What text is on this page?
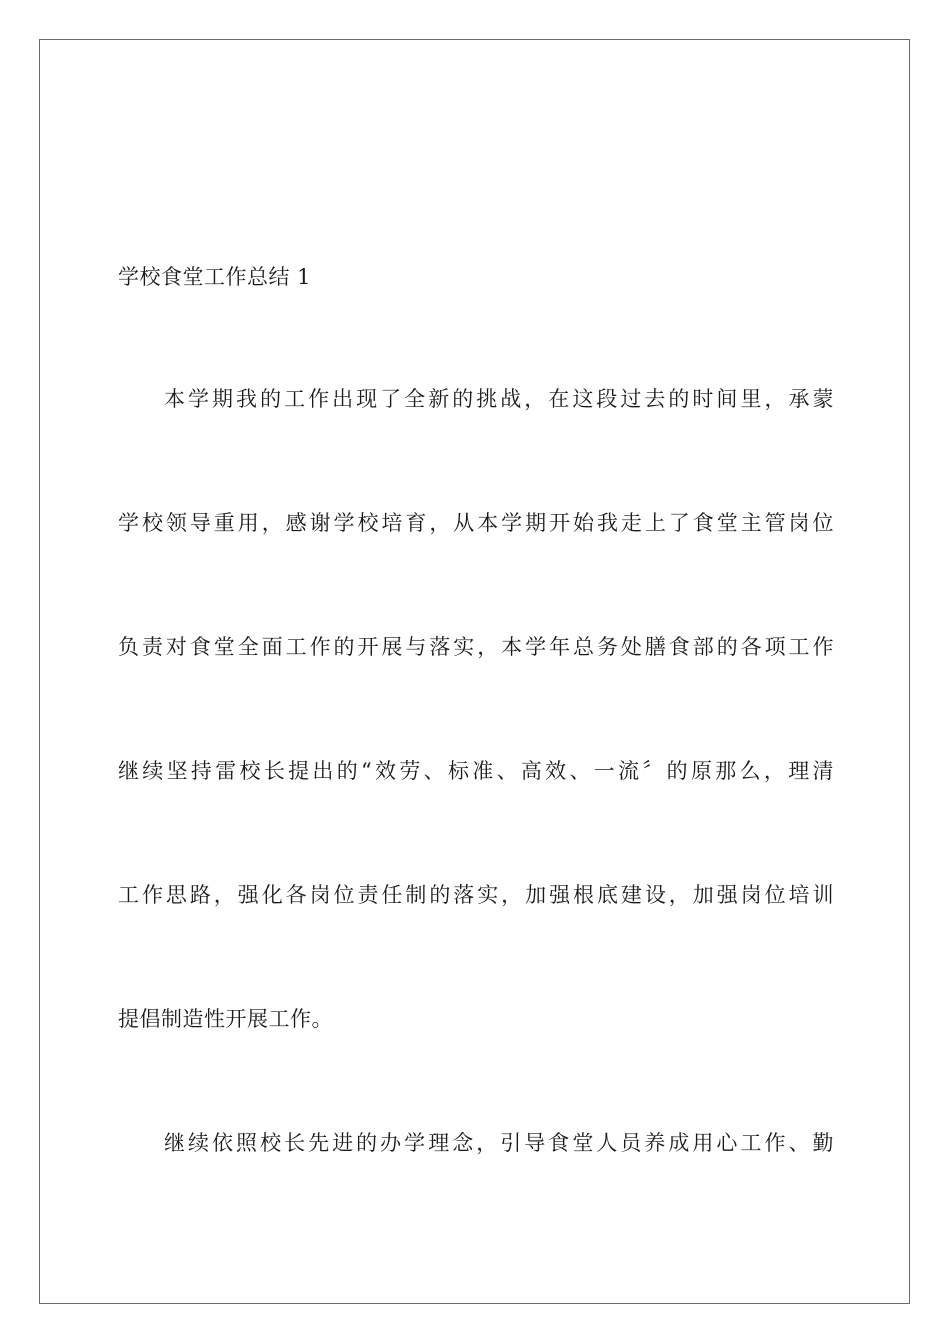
学校食堂工作总结 1
本学期我的工作出现了全新的挑战，在这段过去的时间里，承蒙
学校领导重用，感谢学校培育，从本学期开始我走上了食堂主管岗位
负责对食堂全面工作的开展与落实，本学年总务处膳食部的各项工作
继续坚持雷校长提出的“效劳、标准、高效、一流〞的原那么，理清
工作思路，强化各岗位责任制的落实，加强根底建设，加强岗位培训
提倡制造性开展工作。
继续依照校长先进的办学理念，引导食堂人员养成用心工作、勤
